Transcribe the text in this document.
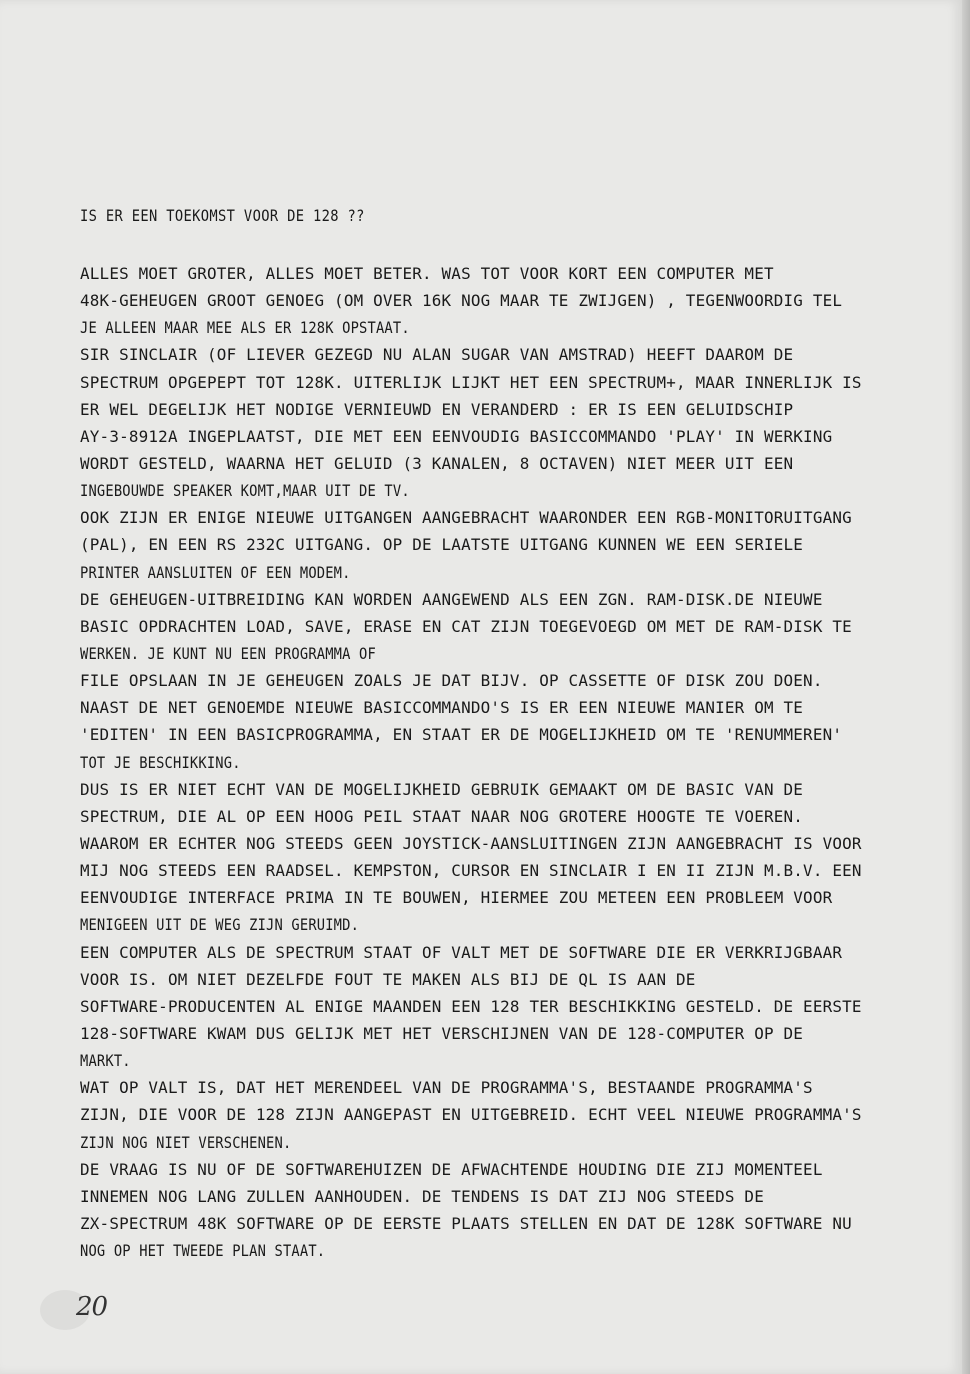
IS ER EEN TOEKOMST VOOR DE 128 ??
ALLES MOET GROTER, ALLES MOET BETER. WAS TOT VOOR KORT EEN COMPUTER MET
48K-GEHEUGEN GROOT GENOEG (OM OVER 16K NOG MAAR TE ZWIJGEN) , TEGENWOORDIG TEL
JE ALLEEN MAAR MEE ALS ER 128K OPSTAAT.
SIR SINCLAIR (OF LIEVER GEZEGD NU ALAN SUGAR VAN AMSTRAD) HEEFT DAAROM DE
SPECTRUM OPGEPEPT TOT 128K. UITERLIJK LIJKT HET EEN SPECTRUM+, MAAR INNERLIJK IS
ER WEL DEGELIJK HET NODIGE VERNIEUWD EN VERANDERD : ER IS EEN GELUIDSCHIP
AY-3-8912A INGEPLAATST, DIE MET EEN EENVOUDIG BASICCOMMANDO 'PLAY' IN WERKING
WORDT GESTELD, WAARNA HET GELUID (3 KANALEN, 8 OCTAVEN) NIET MEER UIT EEN
INGEBOUWDE SPEAKER KOMT,MAAR UIT DE TV.
OOK ZIJN ER ENIGE NIEUWE UITGANGEN AANGEBRACHT WAARONDER EEN RGB-MONITORUITGANG
(PAL), EN EEN RS 232C UITGANG. OP DE LAATSTE UITGANG KUNNEN WE EEN SERIELE
PRINTER AANSLUITEN OF EEN MODEM.
DE GEHEUGEN-UITBREIDING KAN WORDEN AANGEWEND ALS EEN ZGN. RAM-DISK.DE NIEUWE
BASIC OPDRACHTEN LOAD, SAVE, ERASE EN CAT ZIJN TOEGEVOEGD OM MET DE RAM-DISK TE
WERKEN. JE KUNT NU EEN PROGRAMMA OF
FILE OPSLAAN IN JE GEHEUGEN ZOALS JE DAT BIJV. OP CASSETTE OF DISK ZOU DOEN.
NAAST DE NET GENOEMDE NIEUWE BASICCOMMANDO'S IS ER EEN NIEUWE MANIER OM TE
'EDITEN' IN EEN BASICPROGRAMMA, EN STAAT ER DE MOGELIJKHEID OM TE 'RENUMMEREN'
TOT JE BESCHIKKING.
DUS IS ER NIET ECHT VAN DE MOGELIJKHEID GEBRUIK GEMAAKT OM DE BASIC VAN DE
SPECTRUM, DIE AL OP EEN HOOG PEIL STAAT NAAR NOG GROTERE HOOGTE TE VOEREN.
WAAROM ER ECHTER NOG STEEDS GEEN JOYSTICK-AANSLUITINGEN ZIJN AANGEBRACHT IS VOOR
MIJ NOG STEEDS EEN RAADSEL. KEMPSTON, CURSOR EN SINCLAIR I EN II ZIJN M.B.V. EEN
EENVOUDIGE INTERFACE PRIMA IN TE BOUWEN, HIERMEE ZOU METEEN EEN PROBLEEM VOOR
MENIGEEN UIT DE WEG ZIJN GERUIMD.
EEN COMPUTER ALS DE SPECTRUM STAAT OF VALT MET DE SOFTWARE DIE ER VERKRIJGBAAR
VOOR IS. OM NIET DEZELFDE FOUT TE MAKEN ALS BIJ DE QL IS AAN DE
SOFTWARE-PRODUCENTEN AL ENIGE MAANDEN EEN 128 TER BESCHIKKING GESTELD. DE EERSTE
128-SOFTWARE KWAM DUS GELIJK MET HET VERSCHIJNEN VAN DE 128-COMPUTER OP DE
MARKT.
WAT OP VALT IS, DAT HET MERENDEEL VAN DE PROGRAMMA'S, BESTAANDE PROGRAMMA'S
ZIJN, DIE VOOR DE 128 ZIJN AANGEPAST EN UITGEBREID. ECHT VEEL NIEUWE PROGRAMMA'S
ZIJN NOG NIET VERSCHENEN.
DE VRAAG IS NU OF DE SOFTWAREHUIZEN DE AFWACHTENDE HOUDING DIE ZIJ MOMENTEEL
INNEMEN NOG LANG ZULLEN AANHOUDEN. DE TENDENS IS DAT ZIJ NOG STEEDS DE
ZX-SPECTRUM 48K SOFTWARE OP DE EERSTE PLAATS STELLEN EN DAT DE 128K SOFTWARE NU
NOG OP HET TWEEDE PLAN STAAT.
20
